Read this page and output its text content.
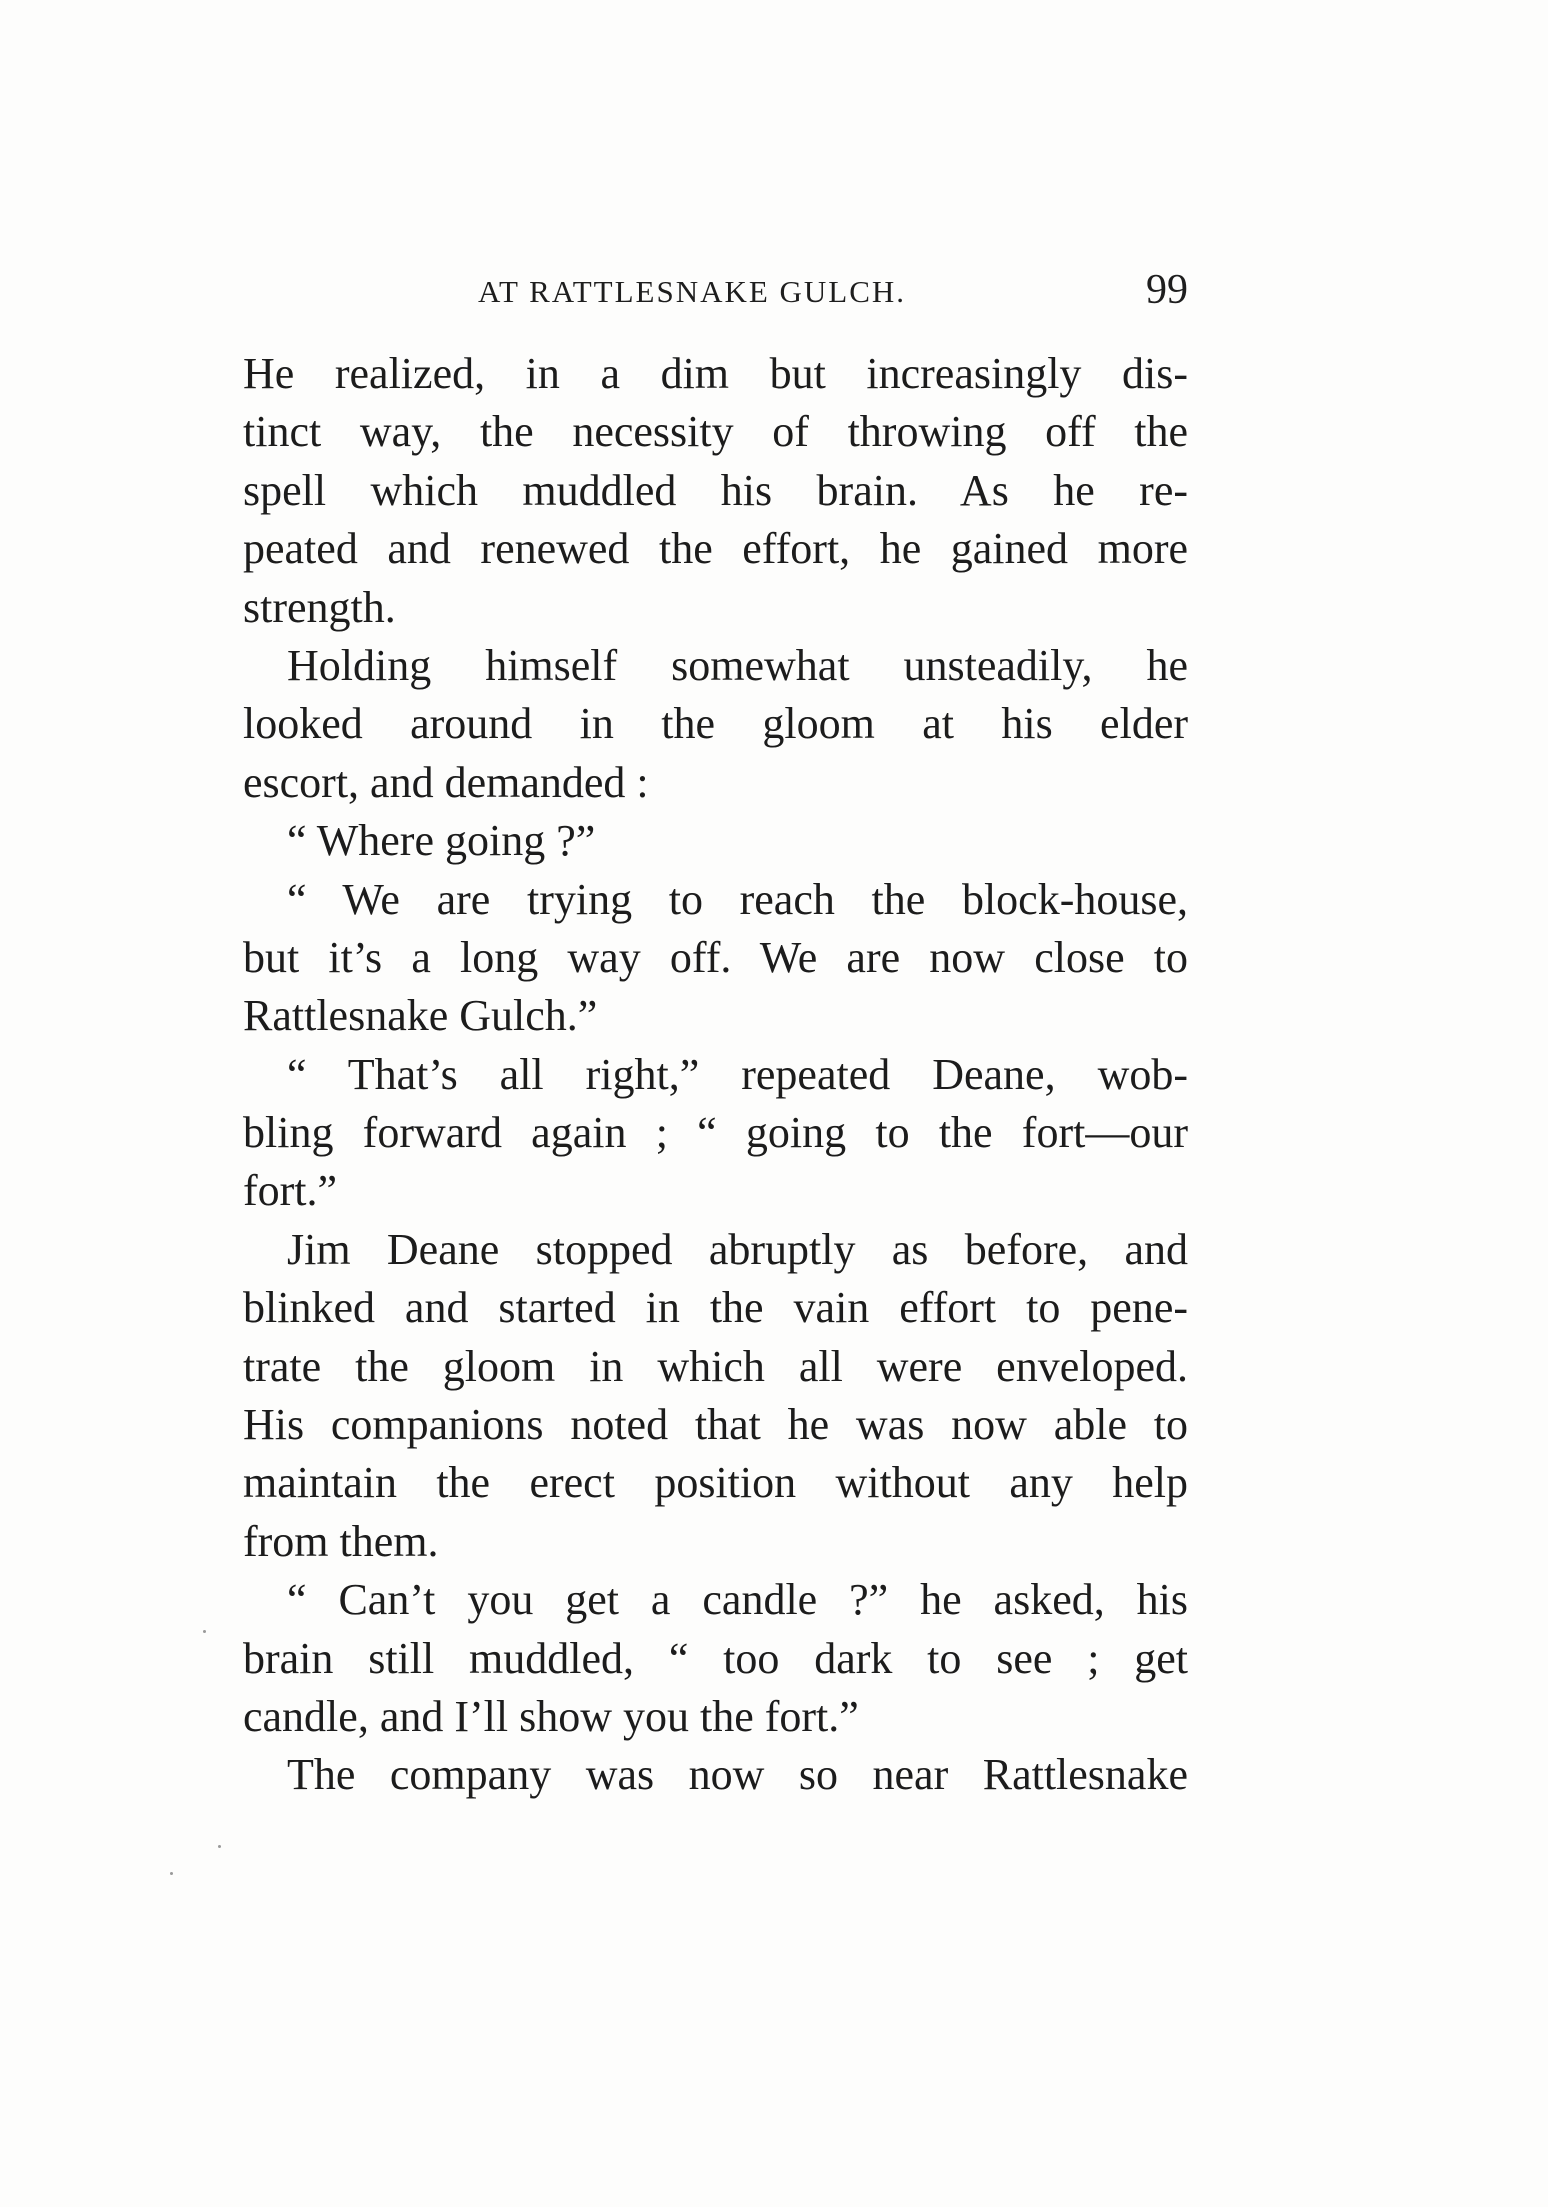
AT RATTLESNAKE GULCH.	99
He realized, in a dim but increasingly dis-
tinct way, the necessity of throwing off the
spell which muddled his brain. As he re-
peated and renewed the effort, he gained more
strength.
Holding himself somewhat unsteadily, he
looked around in the gloom at his elder
escort, and demanded :
“ Where going ?”
“ We are trying to reach the block-house,
but it’s a long way off. We are now close to
Rattlesnake Gulch.”
“ That’s all right,” repeated Deane, wob-
bling forward again ; “ going to the fort—our
fort.”
Jim Deane stopped abruptly as before, and
blinked and started in the vain effort to pene-
trate the gloom in which all were enveloped.
His companions noted that he was now able to
maintain the erect position without any help
from them.
“ Can’t you get a candle ?” he asked, his
brain still muddled, “ too dark to see ; get
candle, and I’ll show you the fort.”
The company was now so near Rattlesnake
